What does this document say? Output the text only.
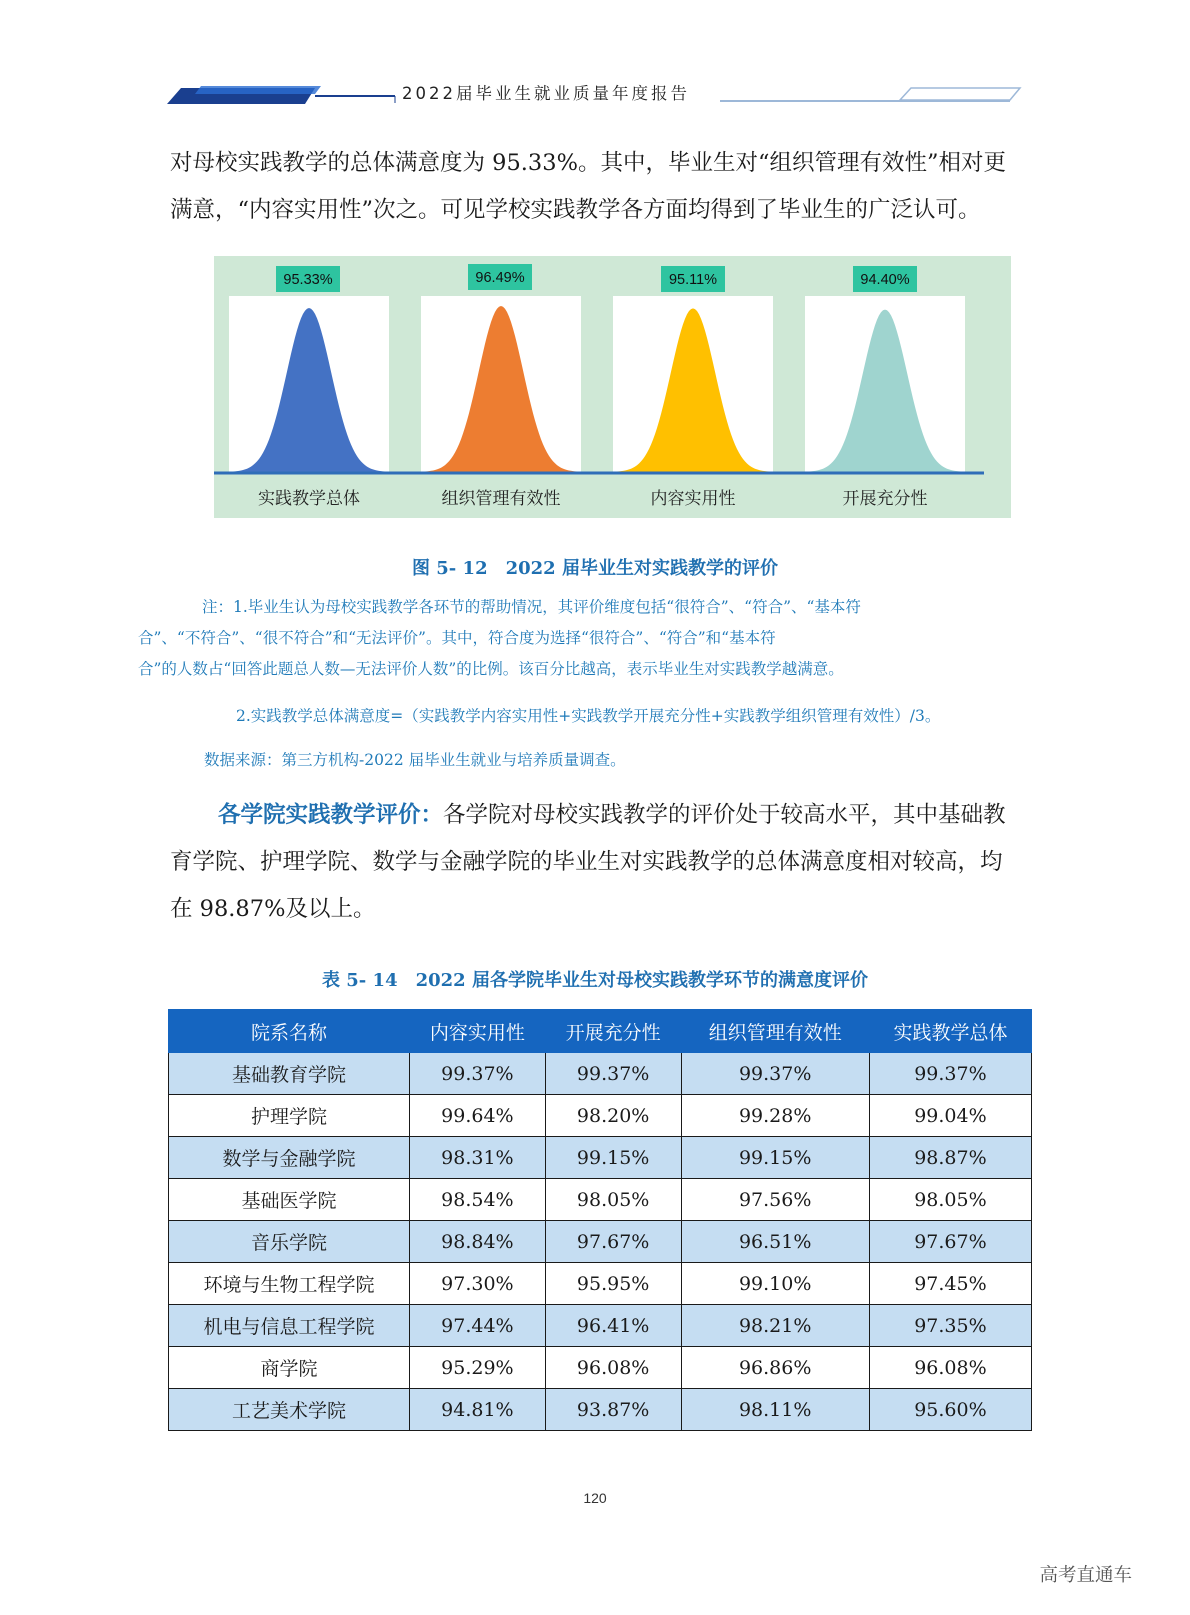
2022届毕业生就业质量年度报告

对母校实践教学的总体满意度为 95.33%。其中，毕业生对“组织管理有效性”相对更
满意，“内容实用性”次之。可见学校实践教学各方面均得到了毕业生的广泛认可。

95.33%
实践教学总体
96.49%
组织管理有效性
95.11%
内容实用性
94.40%
开展充分性
图 5- 12　2022 届毕业生对实践教学的评价

注：1.毕业生认为母校实践教学各环节的帮助情况，其评价维度包括“很符合”、“符合”、“基本符
合”、“不符合”、“很不符合”和“无法评价”。其中，符合度为选择“很符合”、“符合”和“基本符
合”的人数占“回答此题总人数—无法评价人数”的比例。该百分比越高，表示毕业生对实践教学越满意。

2.实践教学总体满意度=（实践教学内容实用性+实践教学开展充分性+实践教学组织管理有效性）/3。

数据来源：第三方机构-2022 届毕业生就业与培养质量调查。

各学院实践教学评价：各学院对母校实践教学的评价处于较高水平，其中基础教
育学院、护理学院、数学与金融学院的毕业生对实践教学的总体满意度相对较高，均
在 98.87%及以上。

表 5- 14　2022 届各学院毕业生对母校实践教学环节的满意度评价
院系名称	内容实用性	开展充分性	组织管理有效性	实践教学总体
基础教育学院	99.37%	99.37%	99.37%	99.37%
护理学院	99.64%	98.20%	99.28%	99.04%
数学与金融学院	98.31%	99.15%	99.15%	98.87%
基础医学院	98.54%	98.05%	97.56%	98.05%
音乐学院	98.84%	97.67%	96.51%	97.67%
环境与生物工程学院	97.30%	95.95%	99.10%	97.45%
机电与信息工程学院	97.44%	96.41%	98.21%	97.35%
商学院	95.29%	96.08%	96.86%	96.08%
工艺美术学院	94.81%	93.87%	98.11%	95.60%
120
高考直通车
